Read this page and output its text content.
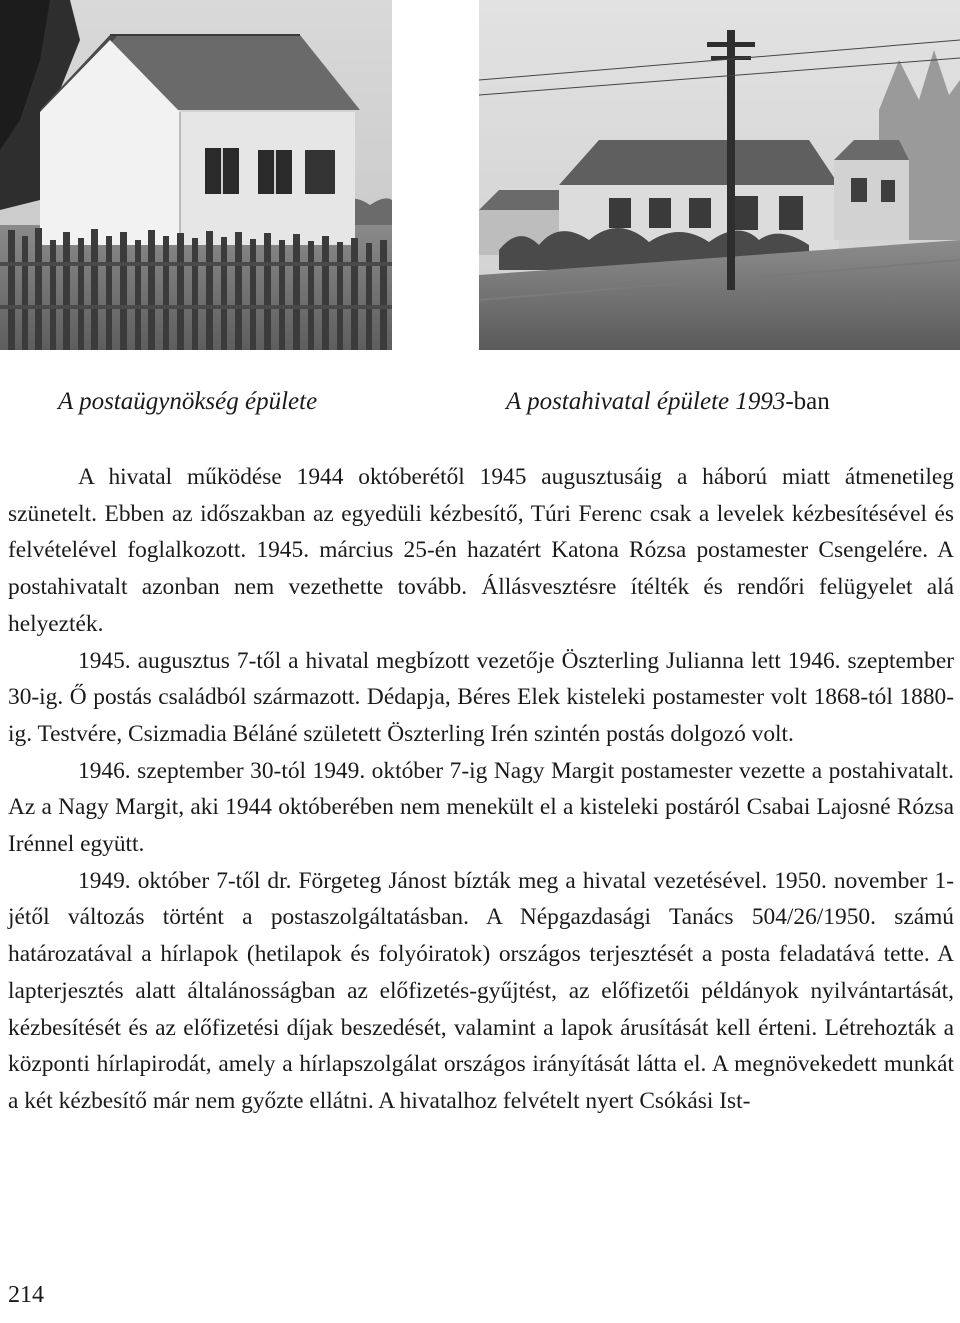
A postaügynökség épülete	A postahivatal épülete 1993-ban

A hivatal működése 1944 októberétől 1945 augusztusáig a háború miatt átmenetileg szünetelt. Ebben az időszakban az egyedüli kézbesítő, Túri Ferenc csak a levelek kézbesítésével és felvételével foglalkozott. 1945. március 25-én hazatért Katona Rózsa postamester Csengelére. A postahivatalt azonban nem vezethette tovább. Állásvesztésre ítélték és rendőri felügyelet alá helyezték.

1945. augusztus 7-től a hivatal megbízott vezetője Öszterling Julianna lett 1946. szeptember 30-ig. Ő postás családból származott. Dédapja, Béres Elek kisteleki postamester volt 1868-tól 1880-ig. Testvére, Csizmadia Béláné született Öszterling Irén szintén postás dolgozó volt.

1946. szeptember 30-tól 1949. október 7-ig Nagy Margit postamester vezette a postahivatalt. Az a Nagy Margit, aki 1944 októberében nem menekült el a kisteleki postáról Csabai Lajosné Rózsa Irénnel együtt.

1949. október 7-től dr. Förgeteg Jánost bízták meg a hivatal vezetésével. 1950. november 1-jétől változás történt a postaszolgáltatásban. A Népgazdasági Tanács 504/26/1950. számú határozatával a hírlapok (hetilapok és folyóiratok) országos terjesztését a posta feladatává tette. A lapterjesztés alatt általánosságban az előfizetés-gyűjtést, az előfizetői példányok nyilvántartását, kézbesítését és az előfizetési díjak beszedését, valamint a lapok árusítását kell érteni. Létrehozták a központi hírlapirodát, amely a hírlapszolgálat országos irányítását látta el. A megnövekedett munkát a két kézbesítő már nem győzte ellátni. A hivatalhoz felvételt nyert Csókási Ist-

214
